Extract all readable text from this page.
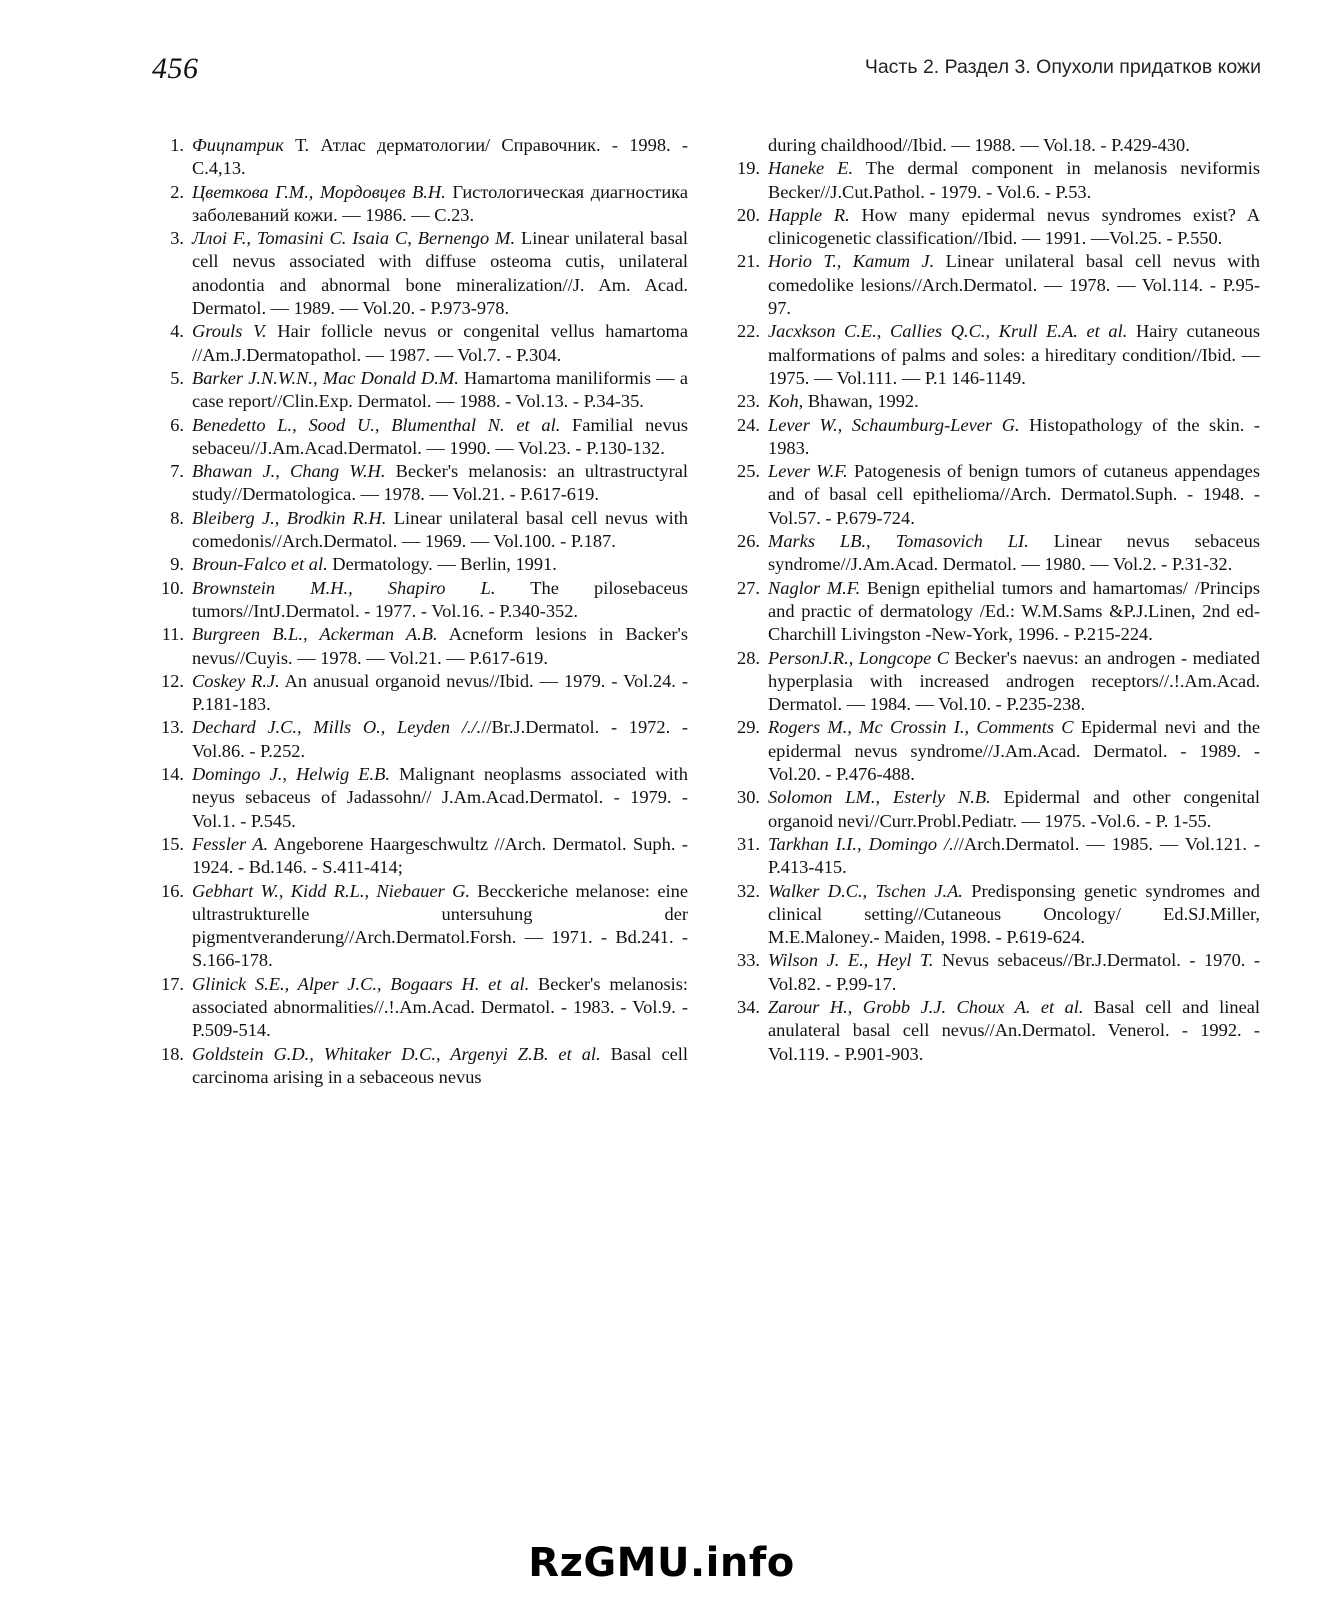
456	Часть 2. Раздел 3. Опухоли придатков кожи
1. Фицпатрик Т. Атлас дерматологии/ Справочник. - 1998. - С.4,13.
2. Цветкова Г.М., Мордовцев В.Н. Гистологическая диагностика заболеваний кожи. — 1986. — С.23.
3. Ллоi F., Tomasini C. Isaia C, Bernengo M. Linear unilateral basal cell nevus associated with diffuse osteoma cutis, unilateral anodontia and abnormal bone mineralization//J. Am. Acad. Dermatol. — 1989. — Vol.20. - P.973-978.
4. Grouls V. Hair follicle nevus or congenital vellus hamartoma //Am.J.Dermatopathol. — 1987. — Vol.7. - P.304.
5. Barker J.N.W.N., Mac Donald D.M. Hamartoma maniliformis — a case report//Clin.Exp. Dermatol. — 1988. - Vol.13. - P.34-35.
6. Benedetto L., Sood U., Blumenthal N. et al. Familial nevus sebaceu//J.Am.Acad.Dermatol. — 1990. — Vol.23. - P.130-132.
7. Bhawan J., Chang W.H. Becker's melanosis: an ultrastructyral study//Dermatologica. — 1978. — Vol.21. - P.617-619.
8. Bleiberg J., Brodkin R.H. Linear unilateral basal cell nevus with comedonis//Arch.Dermatol. — 1969. — Vol.100. - P.187.
9. Broun-Falco et al. Dermatology. — Berlin, 1991.
10. Brownstein M.H., Shapiro L. The pilosebaceus tumors//IntJ.Dermatol. - 1977. - Vol.16. - P.340-352.
11. Burgreen B.L., Ackerman A.B. Acneform lesions in Backer's nevus//Cuyis. — 1978. — Vol.21. — P.617-619.
12. Coskey R.J. An anusual organoid nevus//Ibid. — 1979. - Vol.24. - P.181-183.
13. Dechard J.C., Mills O., Leyden /././/Br.J.Dermatol. - 1972. - Vol.86. - P.252.
14. Domingo J., Helwig E.B. Malignant neoplasms associated with neyus sebaceus of Jadassohn// J.Am.Acad.Dermatol. - 1979. - Vol.1. - P.545.
15. Fessler A. Angeborene Haargeschwultz //Arch. Dermatol. Suph. - 1924. - Bd.146. - S.411-414;
16. Gebhart W., Kidd R.L., Niebauer G. Becckeriche melanose: eine ultrastrukturelle untersuhung der pigmentveranderung//Arch.Dermatol.Forsh. — 1971. - Bd.241. - S.166-178.
17. Glinick S.E., Alper J.C., Bogaars H. et al. Becker's melanosis: associated abnormalities//.!.Am.Acad. Dermatol. - 1983. - Vol.9. - P.509-514.
18. Goldstein G.D., Whitaker D.C., Argenyi Z.B. et al. Basal cell carcinoma arising in a sebaceous nevus
during chaildhood//Ibid. — 1988. — Vol.18. - P.429-430.
19. Haneke E. The dermal component in melanosis neviformis Becker//J.Cut.Pathol. - 1979. - Vol.6. - P.53.
20. Happle R. How many epidermal nevus syndromes exist? A clinicogenetic classification//Ibid. — 1991. —Vol.25. - P.550.
21. Horio T., Kamum J. Linear unilateral basal cell nevus with comedolike lesions//Arch.Dermatol. — 1978. — Vol.114. - P.95-97.
22. Jacxkson C.E., Callies Q.C., Krull E.A. et al. Hairy cutaneous malformations of palms and soles: a hireditary condition//Ibid. — 1975. — Vol.111. — P.1 146-1149.
23. Koh, Bhawan, 1992.
24. Lever W., Schaumburg-Lever G. Histopathology of the skin. - 1983.
25. Lever W.F. Patogenesis of benign tumors of cutaneus appendages and of basal cell epithelioma//Arch. Dermatol.Suph. - 1948. - Vol.57. - P.679-724.
26. Marks LB., Tomasovich LI. Linear nevus sebaceus syndrome//J.Am.Acad. Dermatol. — 1980. — Vol.2. - P.31-32.
27. Naglor M.F. Benign epithelial tumors and hamartomas/ /Princips and practic of dermatology /Ed.: W.M.Sams &P.J.Linen, 2nd ed-Charchill Livingston -New-York, 1996. - P.215-224.
28. PersonJ.R., Longcope C Becker's naevus: an androgen - mediated hyperplasia with increased androgen receptors//.!.Am.Acad. Dermatol. — 1984. — Vol.10. - P.235-238.
29. Rogers M., Mc Crossin I., Comments C Epidermal nevi and the epidermal nevus syndrome//J.Am.Acad. Dermatol. - 1989. - Vol.20. - P.476-488.
30. Solomon LM., Esterly N.B. Epidermal and other congenital organoid nevi//Curr.Probl.Pediatr. — 1975. -Vol.6. - P. 1-55.
31. Tarkhan I.I., Domingo /.//Arch.Dermatol. — 1985. — Vol.121. - P.413-415.
32. Walker D.C., Tschen J.A. Predisponsing genetic syndromes and clinical setting//Cutaneous Oncology/ Ed.SJ.Miller, M.E.Maloney.- Maiden, 1998. - P.619-624.
33. Wilson J. E., Heyl T. Nevus sebaceus//Br.J.Dermatol. - 1970. - Vol.82. - P.99-17.
34. Zarour H., Grobb J.J. Choux A. et al. Basal cell and lineal anulateral basal cell nevus//An.Dermatol. Venerol. - 1992. - Vol.119. - P.901-903.
RzGMU.info
